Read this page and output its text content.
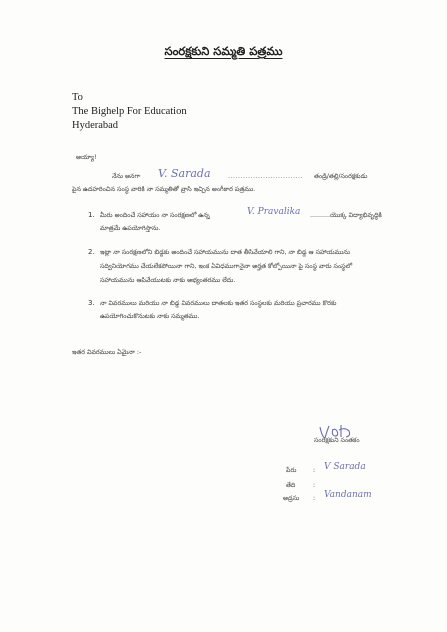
సంరక్షకుని సమ్మతి పత్రము
To
The Bighelp For Education
Hyderabad
అయ్యా!
నేను అనగా V. Sarada	.............................. తండ్రి/తల్లి/సంరక్షకుడు
పైన ఉదహరించిన సంస్థ వారికి నా సమ్మతితో వ్రాసి ఇచ్చిన అంగీకార పత్రము.
1. మీరు అందించే సహాయం నా సంరక్షణలో ఉన్న	V. Pravalika ..........యొక్క విద్యాభివృద్ధికి
మాత్రమే ఉపయోగిస్తాను.
2. ఇట్లా నా సంరక్షణలోని బిడ్డకు అందించే సహాయమును దాత తీసివేయాలి గాని, నా బిడ్డ ఆ సహాయమును
సద్వినియోగము చేయలేకపోయినా గాని, ఇంక ఏవిధముగానైనా అర్హత కోల్పోయినా పై సంస్థ వారు సంస్థలో
సహాయమును ఆపివేయుటకు నాకు అభ్యంతరము లేదు.
3. నా వివరములు మరియు నా బిడ్డ వివరములు దాతలకు ఇతర సంస్థలకు మరియు ప్రచారము కొరకు
ఉపయోగించుకొనుటకు నాకు సమ్మతము.
ఇతర వివరములు ఏమైనా :-
సంరక్షకుని సంతకం
పేరు	: V Sarada
తేది	:
అడ్రసు : Vandanam
